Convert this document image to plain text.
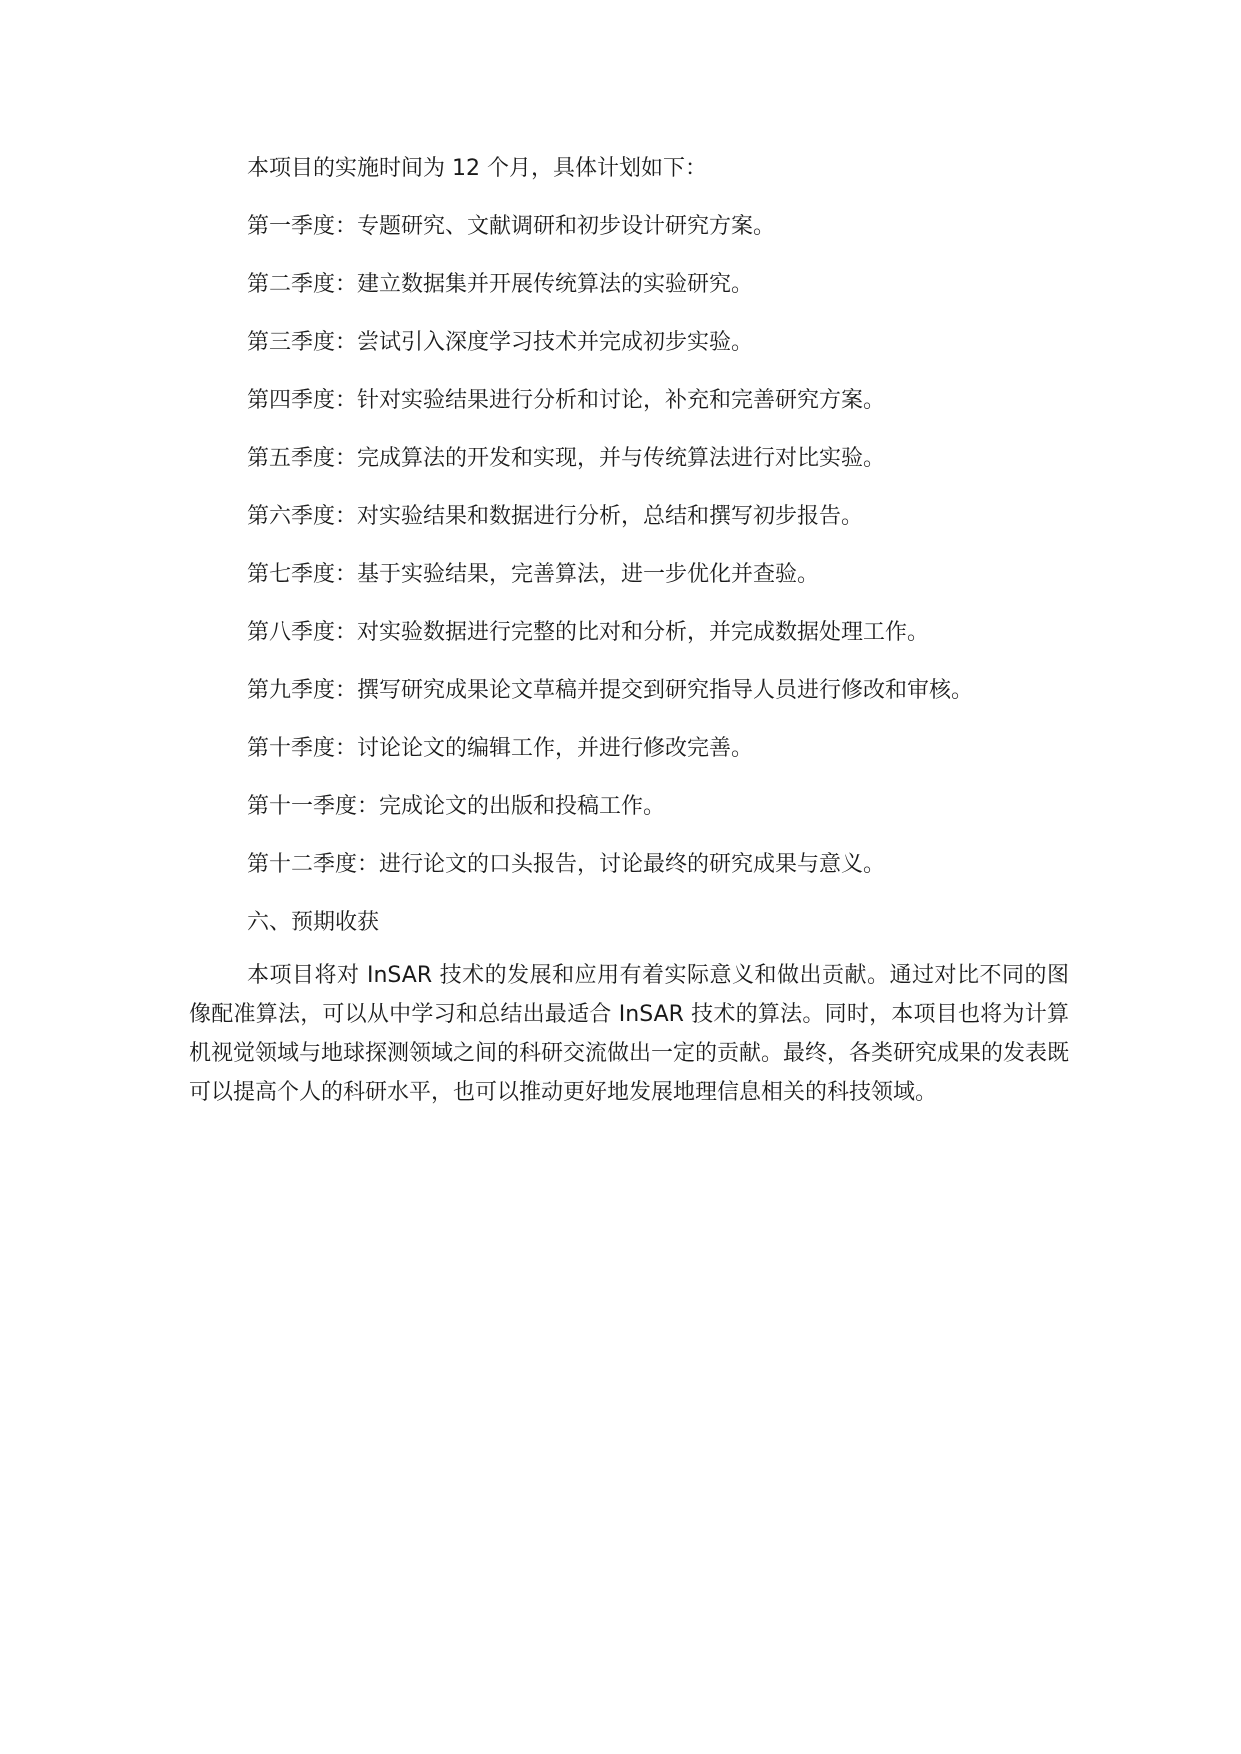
本项目的实施时间为 12 个月，具体计划如下：

第一季度：专题研究、文献调研和初步设计研究方案。

第二季度：建立数据集并开展传统算法的实验研究。

第三季度：尝试引入深度学习技术并完成初步实验。

第四季度：针对实验结果进行分析和讨论，补充和完善研究方案。

第五季度：完成算法的开发和实现，并与传统算法进行对比实验。

第六季度：对实验结果和数据进行分析，总结和撰写初步报告。

第七季度：基于实验结果，完善算法，进一步优化并查验。

第八季度：对实验数据进行完整的比对和分析，并完成数据处理工作。

第九季度：撰写研究成果论文草稿并提交到研究指导人员进行修改和审核。

第十季度：讨论论文的编辑工作，并进行修改完善。

第十一季度：完成论文的出版和投稿工作。

第十二季度：进行论文的口头报告，讨论最终的研究成果与意义。

六、预期收获

本项目将对 InSAR 技术的发展和应用有着实际意义和做出贡献。通过对比不同的图像配准算法，可以从中学习和总结出最适合 InSAR 技术的算法。同时，本项目也将为计算机视觉领域与地球探测领域之间的科研交流做出一定的贡献。最终，各类研究成果的发表既可以提高个人的科研水平，也可以推动更好地发展地理信息相关的科技领域。
